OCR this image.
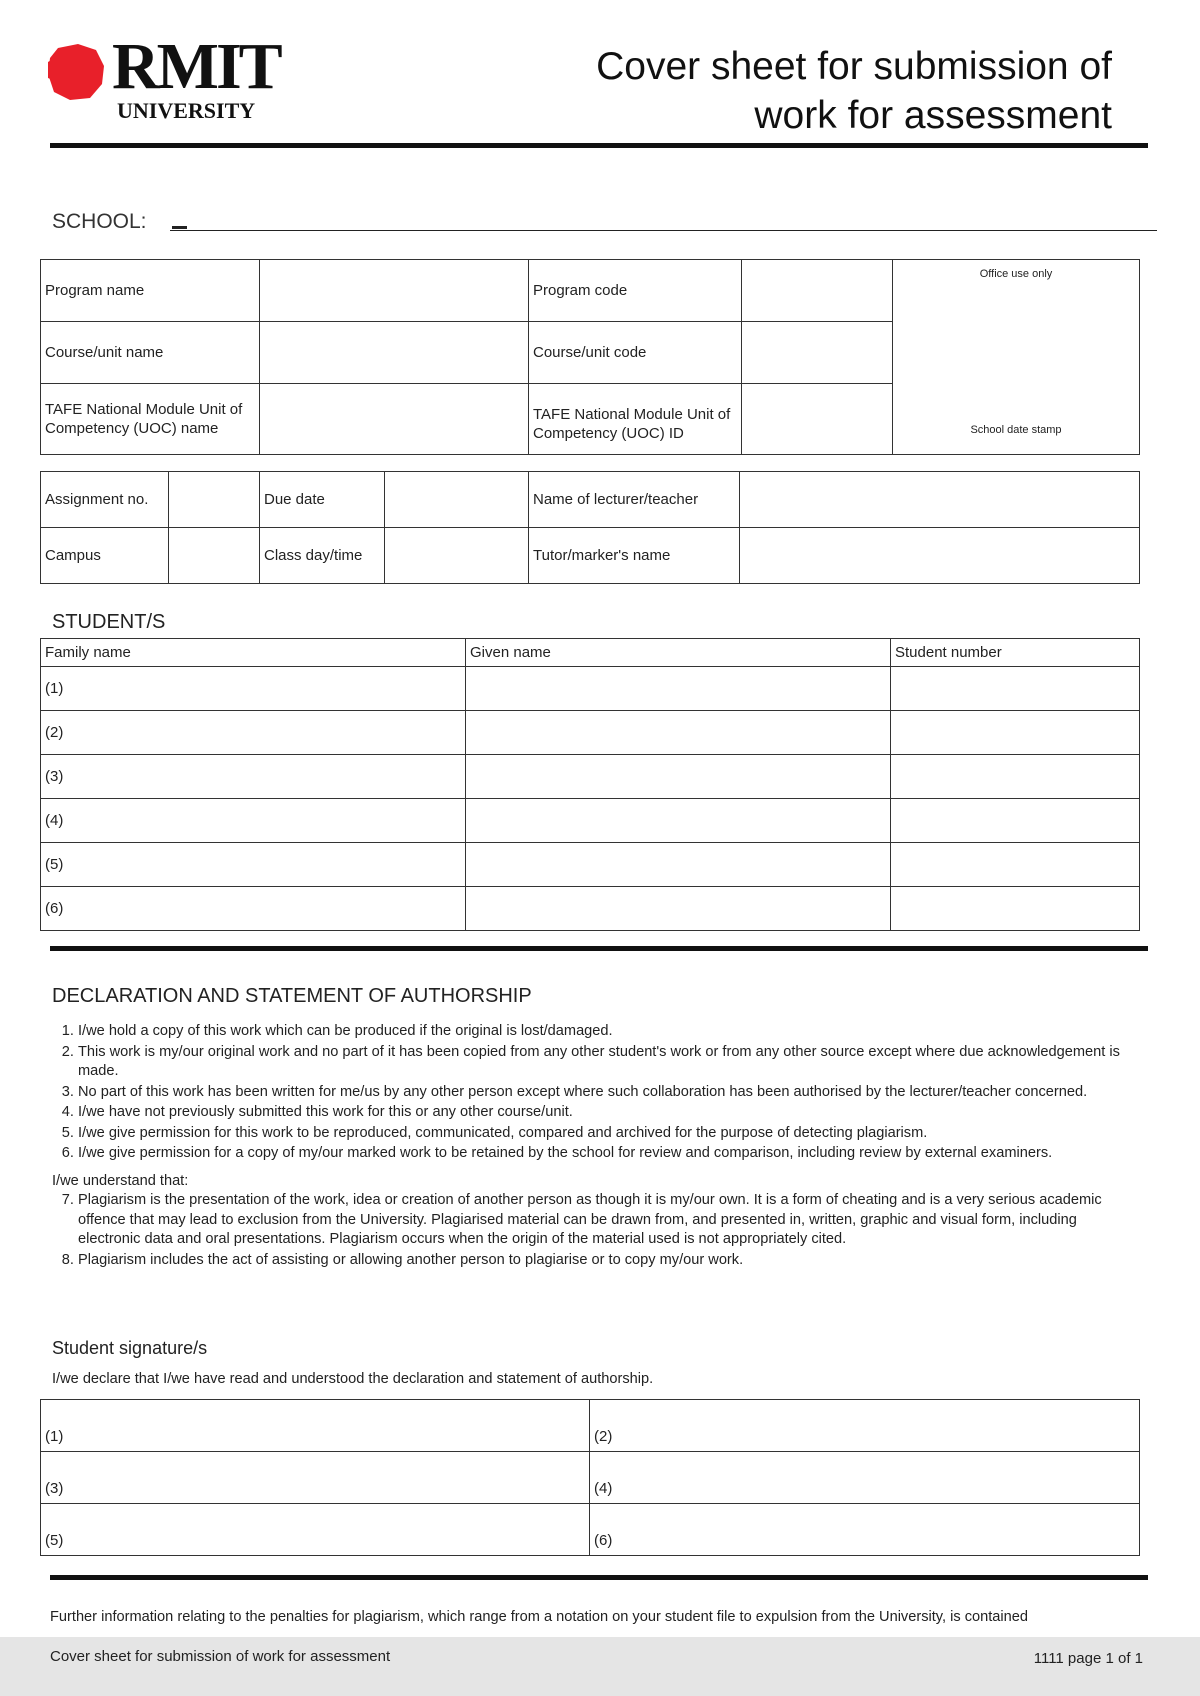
RMIT
UNIVERSITY
Cover sheet for submission of
work for assessment
SCHOOL:
Program name		Program code		Office use only
School date stamp

Course/unit name		Course/unit code		
TAFE National Module Unit of Competency (UOC) name		TAFE National Module Unit of Competency (UOC) ID		
Assignment no.		Due date		Name of lecturer/teacher	
Campus		Class day/time		Tutor/marker's name	
STUDENT/S
Family name	Given name	Student number
(1)		
(2)		
(3)		
(4)		
(5)		
(6)		
DECLARATION AND STATEMENT OF AUTHORSHIP
1. I/we hold a copy of this work which can be produced if the original is lost/damaged.
2. This work is my/our original work and no part of it has been copied from any other student's work or from any other source except where due acknowledgement is made.
3. No part of this work has been written for me/us by any other person except where such collaboration has been authorised by the lecturer/teacher concerned.
4. I/we have not previously submitted this work for this or any other course/unit.
5. I/we give permission for this work to be reproduced, communicated, compared and archived for the purpose of detecting plagiarism.
6. I/we give permission for a copy of my/our marked work to be retained by the school for review and comparison, including review by external examiners.
I/we understand that:
7. Plagiarism is the presentation of the work, idea or creation of another person as though it is my/our own. It is a form of cheating and is a very serious academic offence that may lead to exclusion from the University. Plagiarised material can be drawn from, and presented in, written, graphic and visual form, including electronic data and oral presentations. Plagiarism occurs when the origin of the material used is not appropriately cited.
8. Plagiarism includes the act of assisting or allowing another person to plagiarise or to copy my/our work.
Student signature/s
I/we declare that I/we have read and understood the declaration and statement of authorship.
(1)	(2)
(3)	(4)
(5)	(6)
Further information relating to the penalties for plagiarism, which range from a notation on your student file to expulsion from the University, is contained
Cover sheet for submission of work for assessment	1111 page 1 of 1
